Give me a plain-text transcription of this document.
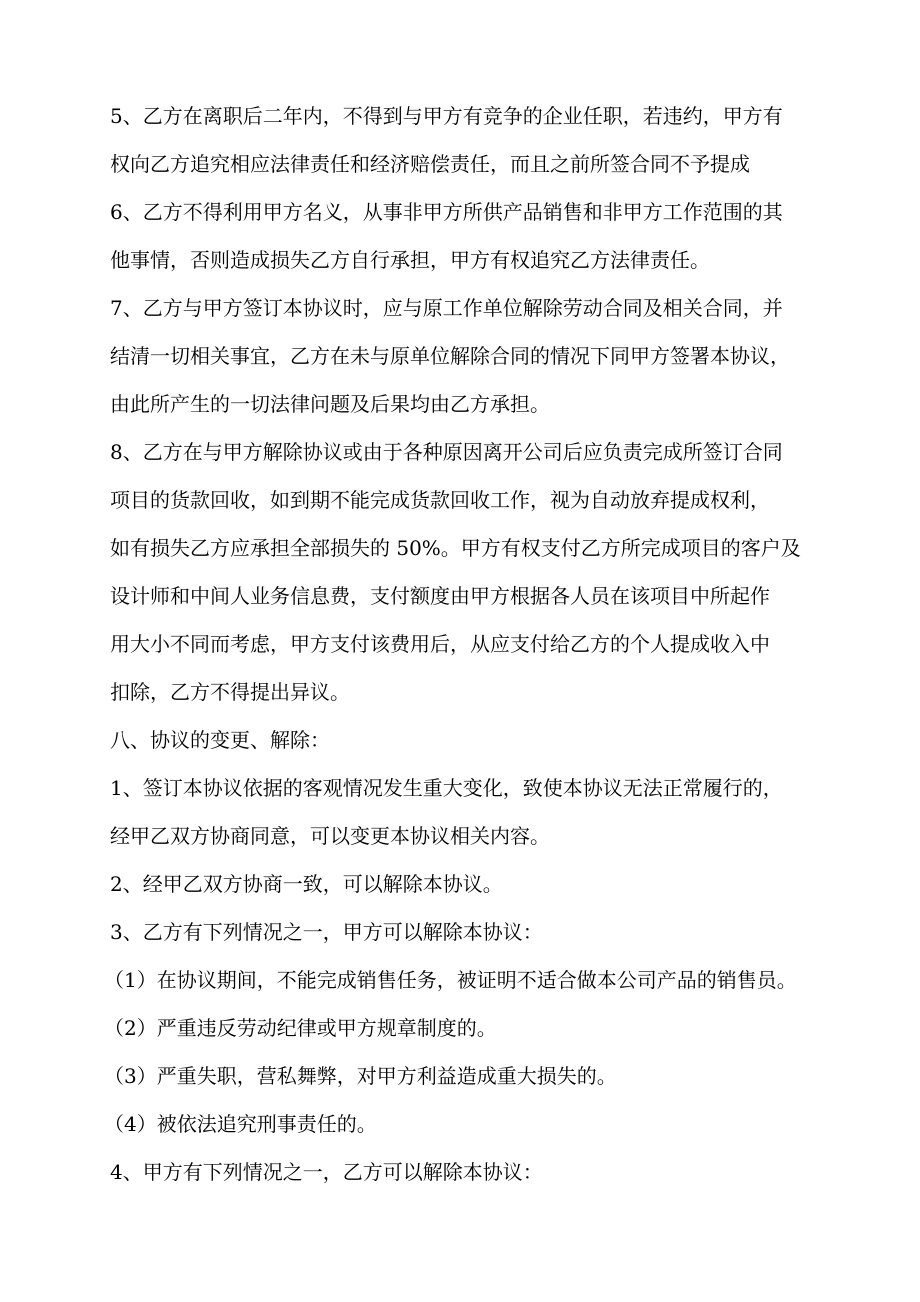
5、乙方在离职后二年内，不得到与甲方有竞争的企业任职，若违约，甲方有
权向乙方追究相应法律责任和经济赔偿责任，而且之前所签合同不予提成
6、乙方不得利用甲方名义，从事非甲方所供产品销售和非甲方工作范围的其
他事情，否则造成损失乙方自行承担，甲方有权追究乙方法律责任。
7、乙方与甲方签订本协议时，应与原工作单位解除劳动合同及相关合同，并
结清一切相关事宜，乙方在未与原单位解除合同的情况下同甲方签署本协议，
由此所产生的一切法律问题及后果均由乙方承担。
8、乙方在与甲方解除协议或由于各种原因离开公司后应负责完成所签订合同
项目的货款回收，如到期不能完成货款回收工作，视为自动放弃提成权利，
如有损失乙方应承担全部损失的 50%。甲方有权支付乙方所完成项目的客户及
设计师和中间人业务信息费，支付额度由甲方根据各人员在该项目中所起作
用大小不同而考虑，甲方支付该费用后，从应支付给乙方的个人提成收入中
扣除，乙方不得提出异议。
八、协议的变更、解除：
1、签订本协议依据的客观情况发生重大变化，致使本协议无法正常履行的，
经甲乙双方协商同意，可以变更本协议相关内容。
2、经甲乙双方协商一致，可以解除本协议。
3、乙方有下列情况之一，甲方可以解除本协议：
（1）在协议期间，不能完成销售任务，被证明不适合做本公司产品的销售员。
（2）严重违反劳动纪律或甲方规章制度的。
（3）严重失职，营私舞弊，对甲方利益造成重大损失的。
（4）被依法追究刑事责任的。
4、甲方有下列情况之一，乙方可以解除本协议：
